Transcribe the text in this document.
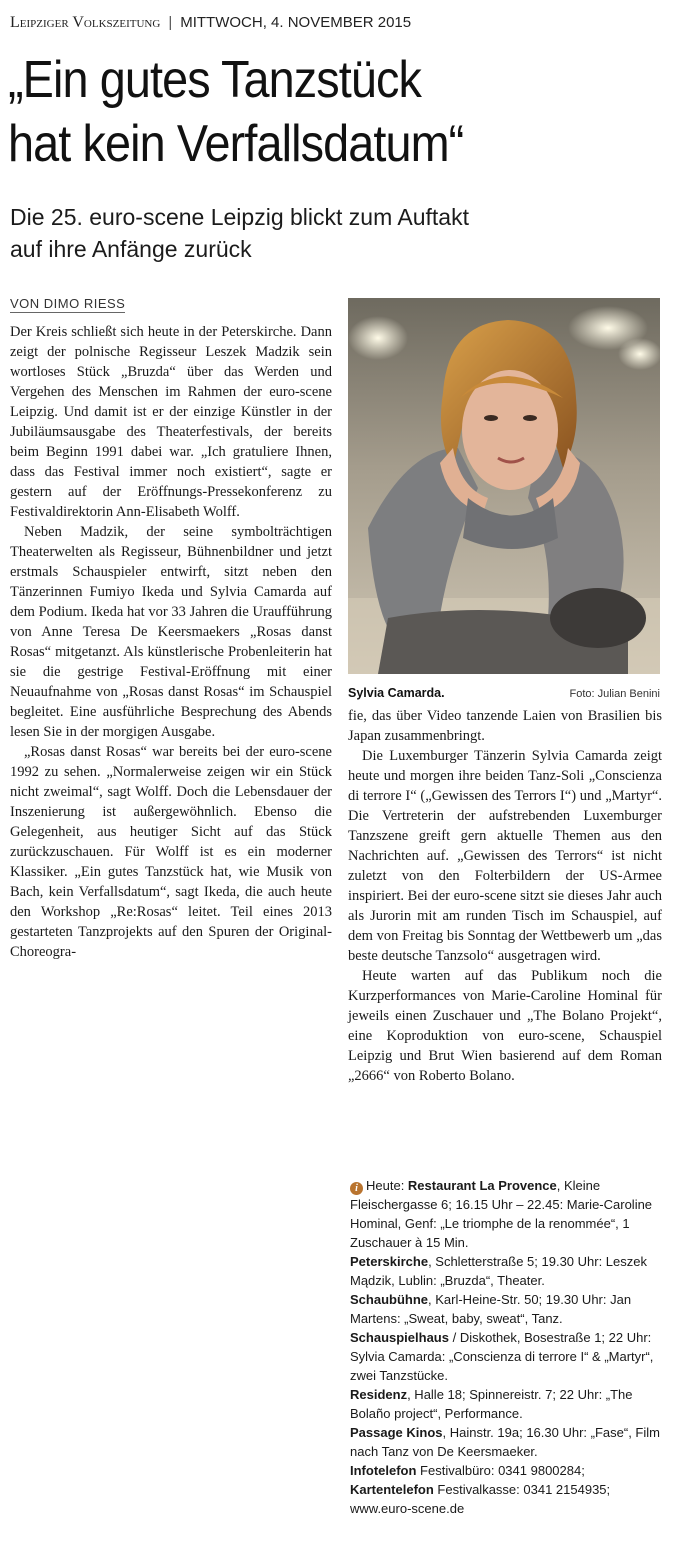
Leipziger Volkszeitung | MITTWOCH, 4. NOVEMBER 2015
„Ein gutes Tanzstück
hat kein Verfallsdatum“
Die 25. euro-scene Leipzig blickt zum Auftakt
auf ihre Anfänge zurück
VON DIMO RIESS

Der Kreis schließt sich heute in der Peterskirche. Dann zeigt der polnische Regisseur Leszek Madzik sein wortloses Stück „Bruzda“ über das Werden und Vergehen des Menschen im Rahmen der euro-scene Leipzig. Und damit ist er der einzige Künstler in der Jubiläumsausgabe des Theaterfestivals, der bereits beim Beginn 1991 dabei war. „Ich gratuliere Ihnen, dass das Festival immer noch existiert“, sagte er gestern auf der Eröffnungs-Pressekonferenz zu Festivaldirektorin Ann-Elisabeth Wolff.

Neben Madzik, der seine symbolträchtigen Theaterwelten als Regisseur, Bühnenbildner und jetzt erstmals Schauspieler entwirft, sitzt neben den Tänzerinnen Fumiyo Ikeda und Sylvia Camarda auf dem Podium. Ikeda hat vor 33 Jahren die Uraufführung von Anne Teresa De Keersmaekers „Rosas danst Rosas“ mitgetanzt. Als künstlerische Probenleiterin hat sie die gestrige Festival-Eröffnung mit einer Neuaufnahme von „Rosas danst Rosas“ im Schauspiel begleitet. Eine ausführliche Besprechung des Abends lesen Sie in der morgigen Ausgabe.

„Rosas danst Rosas“ war bereits bei der euro-scene 1992 zu sehen. „Normalerweise zeigen wir ein Stück nicht zweimal“, sagt Wolff. Doch die Lebensdauer der Inszenierung ist außergewöhnlich. Ebenso die Gelegenheit, aus heutiger Sicht auf das Stück zurückzuschauen. Für Wolff ist es ein moderner Klassiker. „Ein gutes Tanzstück hat, wie Musik von Bach, kein Verfallsdatum“, sagt Ikeda, die auch heute den Workshop „Re:Rosas“ leitet. Teil eines 2013 gestarteten Tanzprojekts auf den Spuren der Original-Choreogra-

Sylvia Camarda.	Foto: Julian Benini

fie, das über Video tanzende Laien von Brasilien bis Japan zusammenbringt.

Die Luxemburger Tänzerin Sylvia Camarda zeigt heute und morgen ihre beiden Tanz-Soli „Conscienza di terrore I“ („Gewissen des Terrors I“) und „Martyr“. Die Vertreterin der aufstrebenden Luxemburger Tanzszene greift gern aktuelle Themen aus den Nachrichten auf. „Gewissen des Terrors“ ist nicht zuletzt von den Folterbildern der US-Armee inspiriert. Bei der euro-scene sitzt sie dieses Jahr auch als Jurorin mit am runden Tisch im Schauspiel, auf dem von Freitag bis Sonntag der Wettbewerb um „das beste deutsche Tanzsolo“ ausgetragen wird.

Heute warten auf das Publikum noch die Kurzperformances von Marie-Caroline Hominal für jeweils einen Zuschauer und „The Bolano Projekt“, eine Koproduktion von euro-scene, Schauspiel Leipzig und Brut Wien basierend auf dem Roman „2666“ von Roberto Bolano.

i Heute: Restaurant La Provence, Kleine Fleischergasse 6; 16.15 Uhr – 22.45: Marie-Caroline Hominal, Genf: „Le triomphe de la renommée“, 1 Zuschauer à 15 Min.

Peterskirche, Schletterstraße 5; 19.30 Uhr: Leszek Mądzik, Lublin: „Bruzda“, Theater.

Schaubühne, Karl-Heine-Str. 50; 19.30 Uhr: Jan Martens: „Sweat, baby, sweat“, Tanz.

Schauspielhaus / Diskothek, Bosestraße 1; 22 Uhr: Sylvia Camarda: „Conscienza di terrore I“ & „Martyr“, zwei Tanzstücke.

Residenz, Halle 18; Spinnereistr. 7; 22 Uhr: „The Bolaño project“, Performance.

Passage Kinos, Hainstr. 19a; 16.30 Uhr: „Fase“, Film nach Tanz von De Keersmaeker.

Infotelefon Festivalbüro: 0341 9800284;

Kartentelefon Festivalkasse: 0341 2154935;

www.euro-scene.de
